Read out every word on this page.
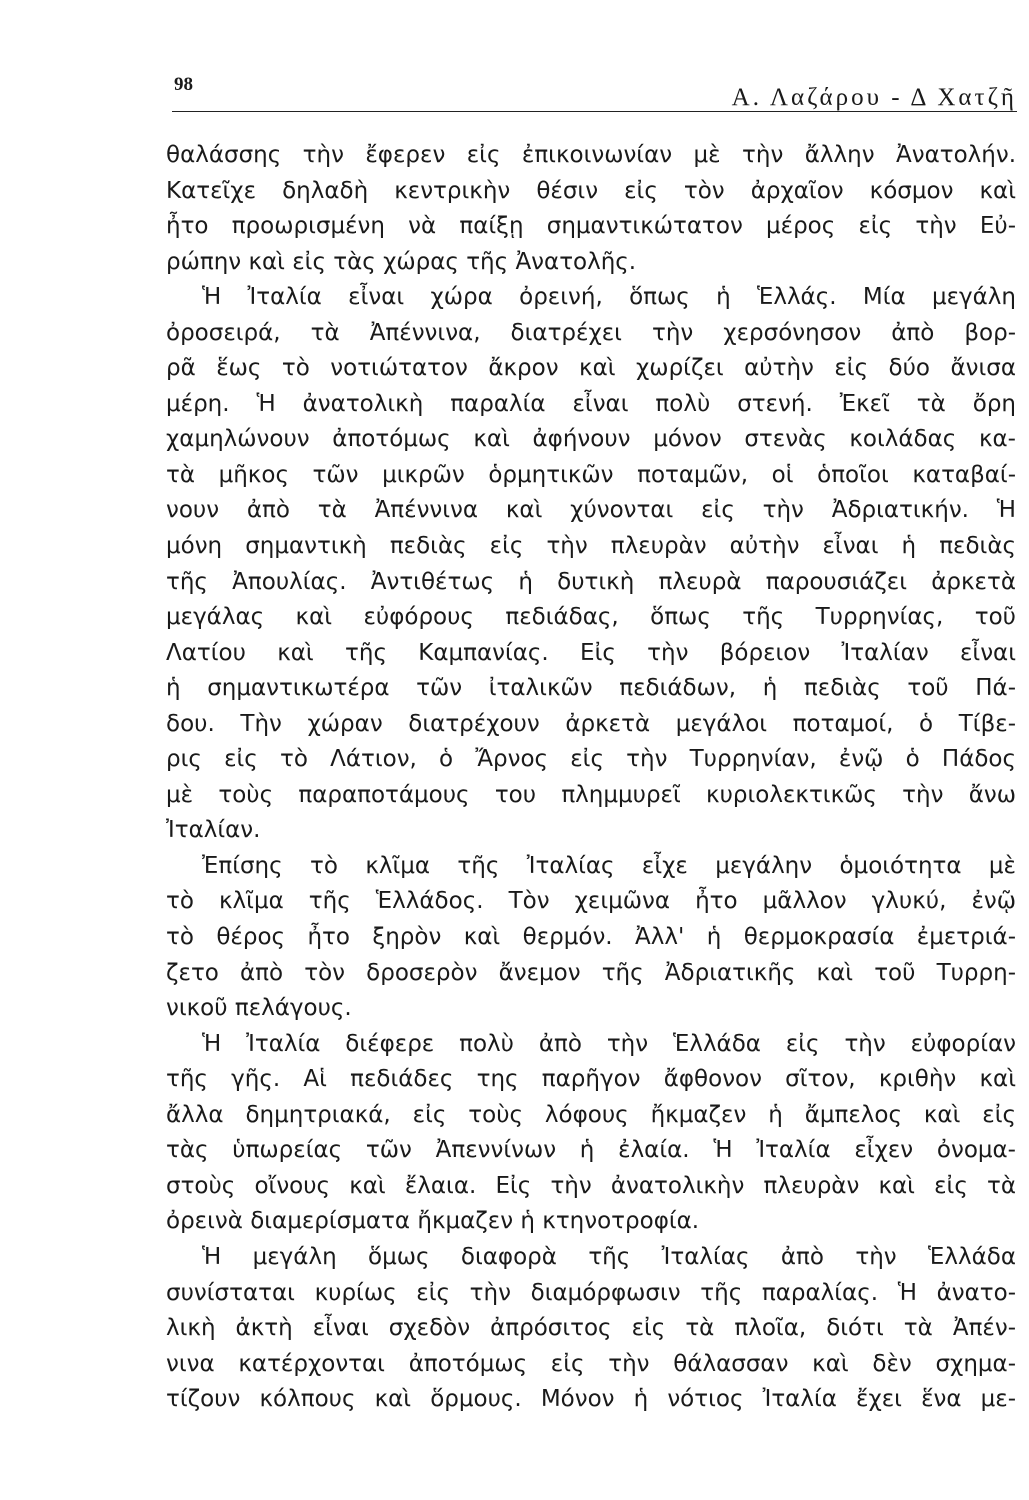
98	Α. Λαζάρου - Δ Χατζῆ
θαλάσσης τὴν ἔφερεν εἰς ἐπικοινωνίαν μὲ τὴν ἄλλην Ἀνατολήν.
Κατεῖχε δηλαδὴ κεντρικὴν θέσιν εἰς τὸν ἀρχαῖον κόσμον καὶ
ἦτο προωρισμένη νὰ παίξῃ σημαντικώτατον μέρος εἰς τὴν Εὐ-
ρώπην καὶ εἰς τὰς χώρας τῆς Ἀνατολῆς.
Ἡ Ἰταλία εἶναι χώρα ὀρεινή, ὅπως ἡ Ἑλλάς. Μία μεγάλη
ὀροσειρά, τὰ Ἀπέννινα, διατρέχει τὴν χερσόνησον ἀπὸ βορ-
ρᾶ ἕως τὸ νοτιώτατον ἄκρον καὶ χωρίζει αὐτὴν εἰς δύο ἄνισα
μέρη. Ἡ ἀνατολικὴ παραλία εἶναι πολὺ στενή. Ἐκεῖ τὰ ὄρη
χαμηλώνουν ἀποτόμως καὶ ἀφήνουν μόνον στενὰς κοιλάδας κα-
τὰ μῆκος τῶν μικρῶν ὁρμητικῶν ποταμῶν, οἱ ὁποῖοι καταβαί-
νουν ἀπὸ τὰ Ἀπέννινα καὶ χύνονται εἰς τὴν Ἀδριατικήν. Ἡ
μόνη σημαντικὴ πεδιὰς εἰς τὴν πλευρὰν αὐτὴν εἶναι ἡ πεδιὰς
τῆς Ἀπουλίας. Ἀντιθέτως ἡ δυτικὴ πλευρὰ παρουσιάζει ἀρκετὰ
μεγάλας καὶ εὐφόρους πεδιάδας, ὅπως τῆς Τυρρηνίας, τοῦ
Λατίου καὶ τῆς Καμπανίας. Εἰς τὴν βόρειον Ἰταλίαν εἶναι
ἡ σημαντικωτέρα τῶν ἰταλικῶν πεδιάδων, ἡ πεδιὰς τοῦ Πά-
δου. Τὴν χώραν διατρέχουν ἀρκετὰ μεγάλοι ποταμοί, ὁ Τίβε-
ρις εἰς τὸ Λάτιον, ὁ Ἄρνος εἰς τὴν Τυρρηνίαν, ἐνῷ ὁ Πάδος
μὲ τοὺς παραποτάμους του πλημμυρεῖ κυριολεκτικῶς τὴν ἄνω
Ἰταλίαν.
Ἐπίσης τὸ κλῖμα τῆς Ἰταλίας εἶχε μεγάλην ὁμοιότητα μὲ
τὸ κλῖμα τῆς Ἑλλάδος. Τὸν χειμῶνα ἦτο μᾶλλον γλυκύ, ἐνῷ
τὸ θέρος ἦτο ξηρὸν καὶ θερμόν. Ἀλλ' ἡ θερμοκρασία ἐμετριά-
ζετο ἀπὸ τὸν δροσερὸν ἄνεμον τῆς Ἀδριατικῆς καὶ τοῦ Τυρρη-
νικοῦ πελάγους.
Ἡ Ἰταλία διέφερε πολὺ ἀπὸ τὴν Ἑλλάδα εἰς τὴν εὐφορίαν
τῆς γῆς. Αἱ πεδιάδες της παρῆγον ἄφθονον σῖτον, κριθὴν καὶ
ἄλλα δημητριακά, εἰς τοὺς λόφους ἤκμαζεν ἡ ἄμπελος καὶ εἰς
τὰς ὑπωρείας τῶν Ἀπεννίνων ἡ ἐλαία. Ἡ Ἰταλία εἶχεν ὀνομα-
στοὺς οἴνους καὶ ἔλαια. Εἰς τὴν ἀνατολικὴν πλευρὰν καὶ εἰς τὰ
ὀρεινὰ διαμερίσματα ἤκμαζεν ἡ κτηνοτροφία.
Ἡ μεγάλη ὅμως διαφορὰ τῆς Ἰταλίας ἀπὸ τὴν Ἑλλάδα
συνίσταται κυρίως εἰς τὴν διαμόρφωσιν τῆς παραλίας. Ἡ ἀνατο-
λικὴ ἀκτὴ εἶναι σχεδὸν ἀπρόσιτος εἰς τὰ πλοῖα, διότι τὰ Ἀπέν-
νινα κατέρχονται ἀποτόμως εἰς τὴν θάλασσαν καὶ δὲν σχημα-
τίζουν κόλπους καὶ ὅρμους. Μόνον ἡ νότιος Ἰταλία ἔχει ἕνα με-
